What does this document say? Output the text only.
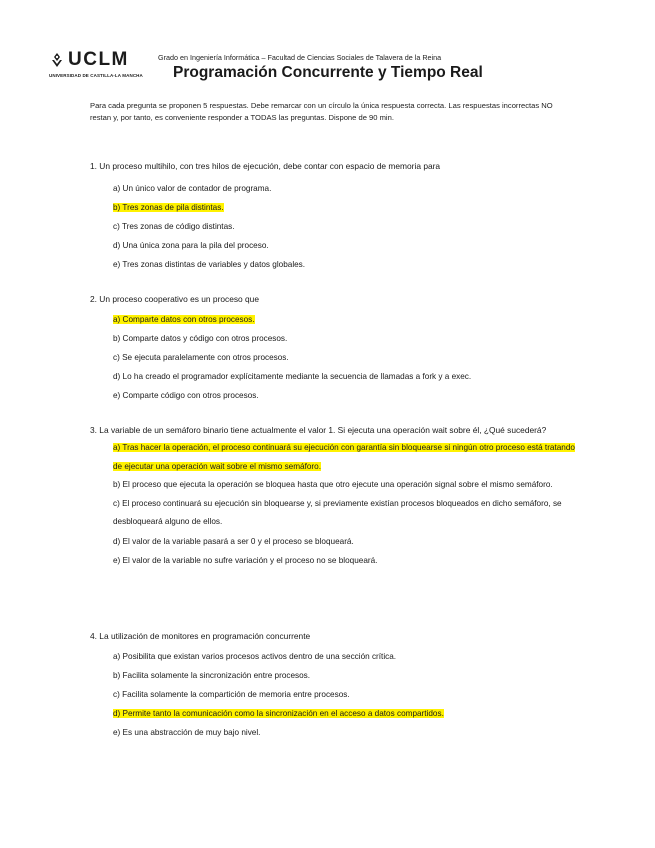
UCLM
UNIVERSIDAD DE CASTILLA-LA MANCHA
Grado en Ingeniería Informática – Facultad de Ciencias Sociales de Talavera de la Reina
Programación Concurrente y Tiempo Real
Para cada pregunta se proponen 5 respuestas. Debe remarcar con un círculo la única respuesta correcta. Las respuestas incorrectas NO restan y, por tanto, es conveniente responder a TODAS las preguntas. Dispone de 90 min.

1. Un proceso multihilo, con tres hilos de ejecución, debe contar con espacio de memoria para

a) Un único valor de contador de programa.
b) Tres zonas de pila distintas.
c) Tres zonas de código distintas.
d) Una única zona para la pila del proceso.
e) Tres zonas distintas de variables y datos globales.

2. Un proceso cooperativo es un proceso que

a) Comparte datos con otros procesos.
b) Comparte datos y código con otros procesos.
c) Se ejecuta paralelamente con otros procesos.
d) Lo ha creado el programador explícitamente mediante la secuencia de llamadas a fork y a exec.
e) Comparte código con otros procesos.

3. La variable de un semáforo binario tiene actualmente el valor 1. Si ejecuta una operación wait sobre él, ¿Qué sucederá?

a) Tras hacer la operación, el proceso continuará su ejecución con garantía sin bloquearse si ningún otro proceso está tratando de ejecutar una operación wait sobre el mismo semáforo.
b) El proceso que ejecuta la operación se bloquea hasta que otro ejecute una operación signal sobre el mismo semáforo.
c) El proceso continuará su ejecución sin bloquearse y, si previamente existían procesos bloqueados en dicho semáforo, se desbloqueará alguno de ellos.
d) El valor de la variable pasará a ser 0 y el proceso se bloqueará.
e) El valor de la variable no sufre variación y el proceso no se bloqueará.

4. La utilización de monitores en programación concurrente

a) Posibilita que existan varios procesos activos dentro de una sección crítica.
b) Facilita solamente la sincronización entre procesos.
c) Facilita solamente la compartición de memoria entre procesos.
d) Permite tanto la comunicación como la sincronización en el acceso a datos compartidos.
e) Es una abstracción de muy bajo nivel.
